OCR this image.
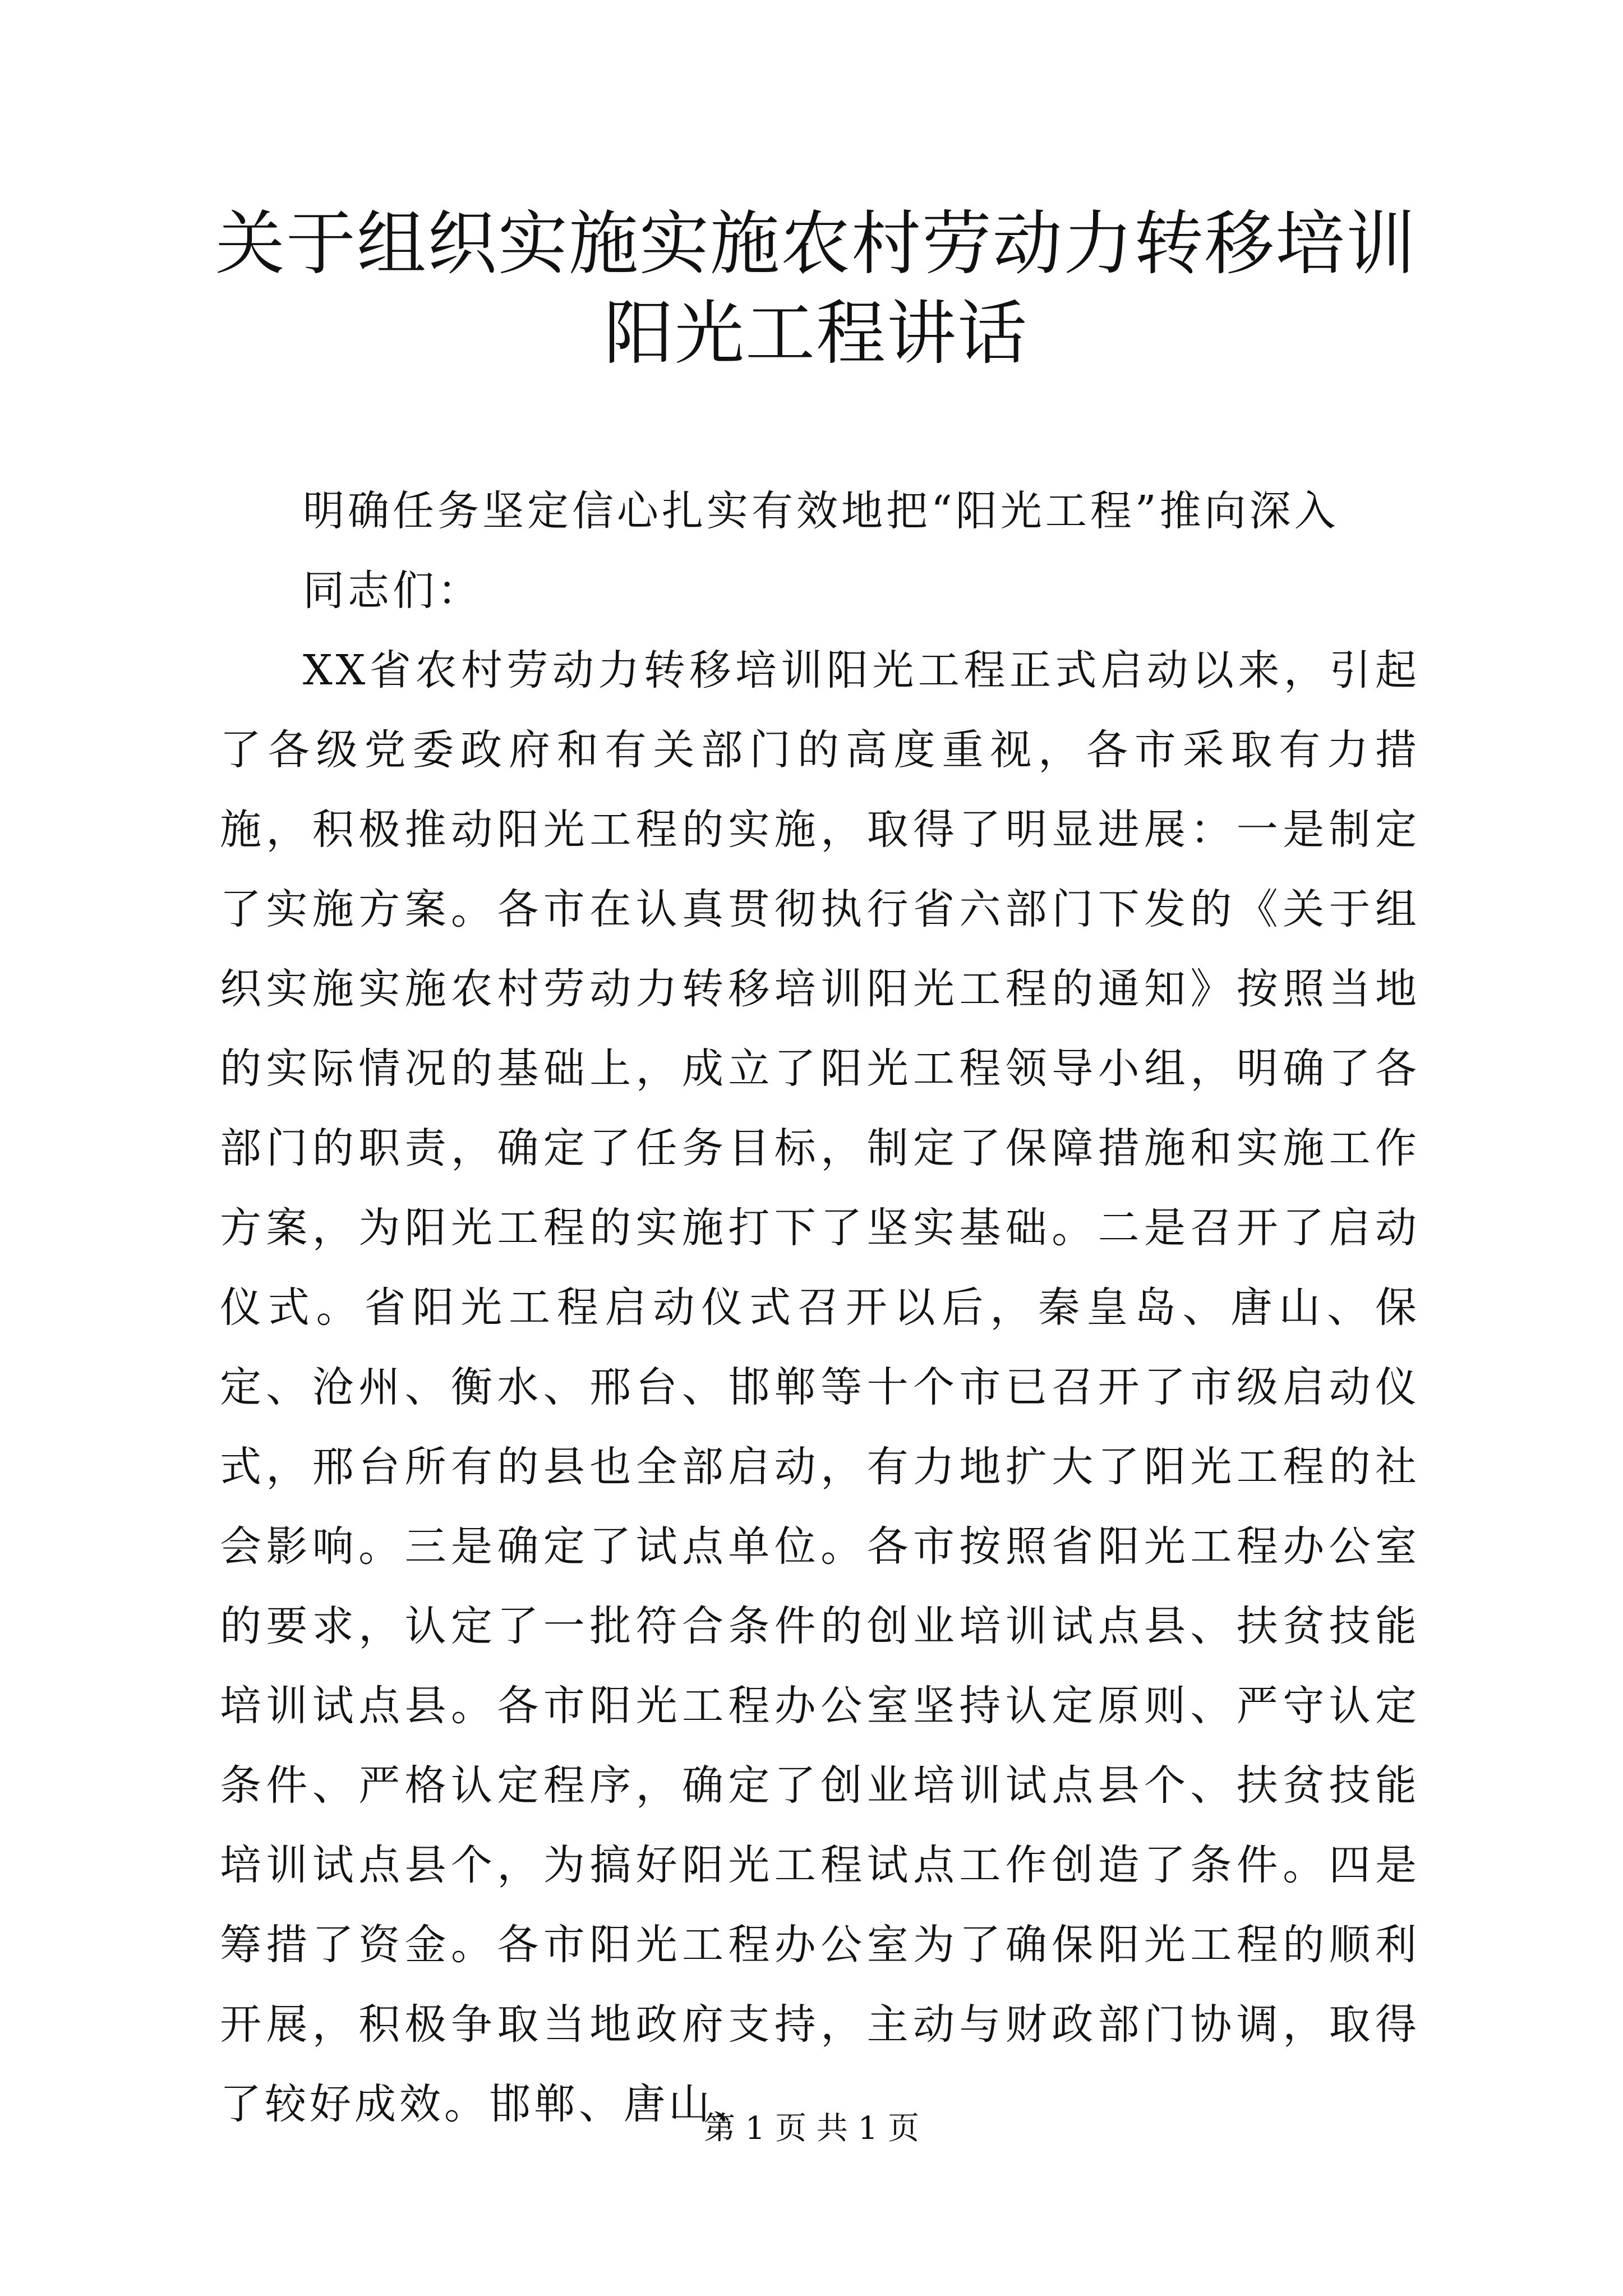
关于组织实施实施农村劳动力转移培训阳光工程讲话

明确任务坚定信心扎实有效地把“阳光工程”推向深入

同志们：

XX省农村劳动力转移培训阳光工程正式启动以来，引起了各级党委政府和有关部门的高度重视，各市采取有力措施，积极推动阳光工程的实施，取得了明显进展：一是制定了实施方案。各市在认真贯彻执行省六部门下发的《关于组织实施实施农村劳动力转移培训阳光工程的通知》按照当地的实际情况的基础上，成立了阳光工程领导小组，明确了各部门的职责，确定了任务目标，制定了保障措施和实施工作方案，为阳光工程的实施打下了坚实基础。二是召开了启动仪式。省阳光工程启动仪式召开以后，秦皇岛、唐山、保定、沧州、衡水、邢台、邯郸等十个市已召开了市级启动仪式，邢台所有的县也全部启动，有力地扩大了阳光工程的社会影响。三是确定了试点单位。各市按照省阳光工程办公室的要求，认定了一批符合条件的创业培训试点县、扶贫技能培训试点县。各市阳光工程办公室坚持认定原则、严守认定条件、严格认定程序，确定了创业培训试点县个、扶贫技能培训试点县个，为搞好阳光工程试点工作创造了条件。四是筹措了资金。各市阳光工程办公室为了确保阳光工程的顺利开展，积极争取当地政府支持，主动与财政部门协调，取得了较好成效。邯郸、唐山、

第 1 页 共 1 页
